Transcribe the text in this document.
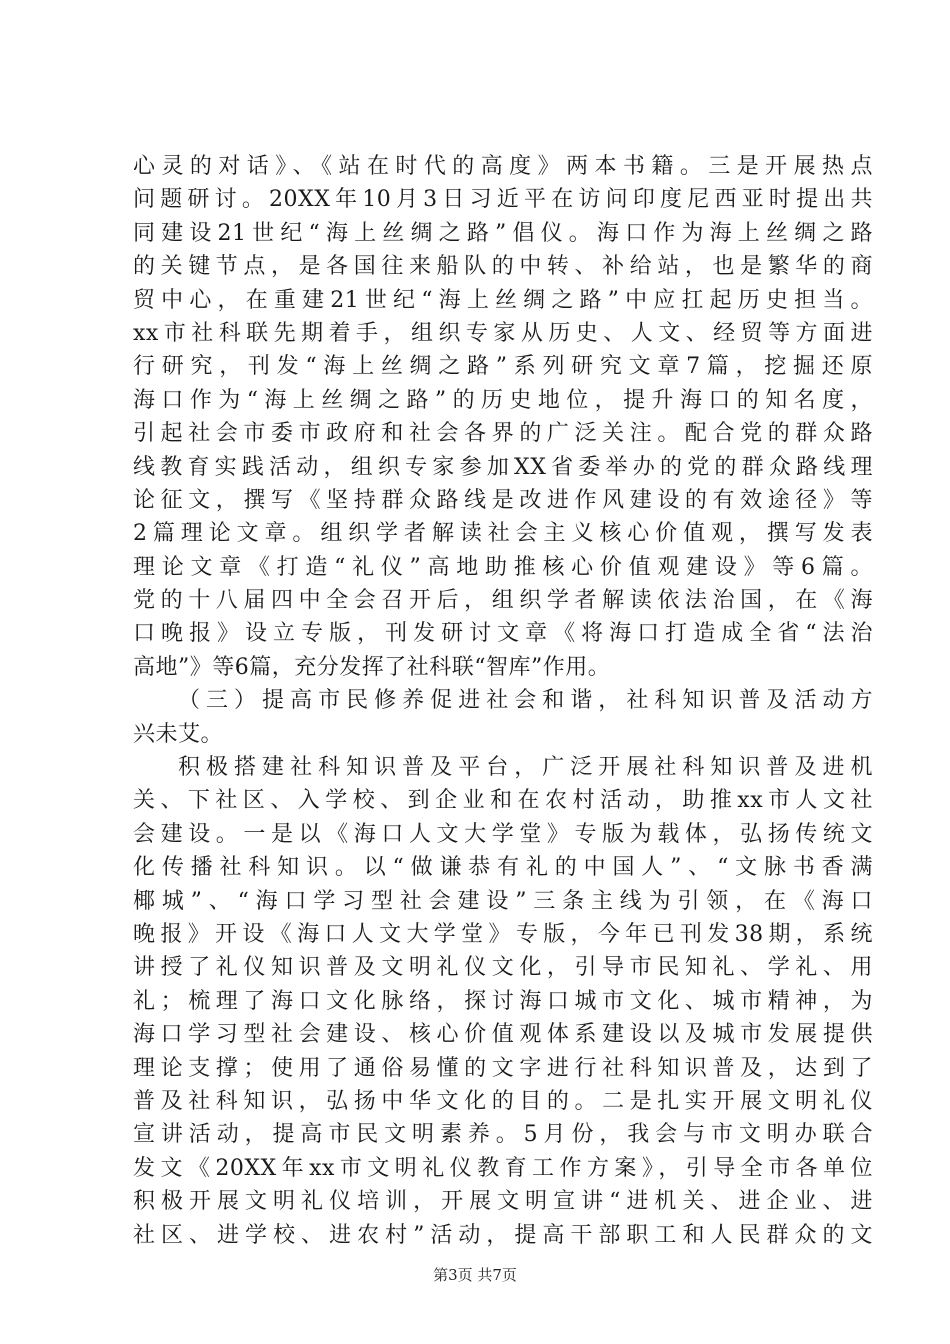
心灵的对话》、《站在时代的高度》两本书籍。三是开展热点
问题研讨。20XX年10月3日习近平在访问印度尼西亚时提出共
同建设21世纪“海上丝绸之路”倡仪。海口作为海上丝绸之路
的关键节点，是各国往来船队的中转、补给站，也是繁华的商
贸中心，在重建21世纪“海上丝绸之路”中应扛起历史担当。
xx市社科联先期着手，组织专家从历史、人文、经贸等方面进
行研究，刊发“海上丝绸之路”系列研究文章7篇，挖掘还原
海口作为“海上丝绸之路”的历史地位，提升海口的知名度，
引起社会市委市政府和社会各界的广泛关注。配合党的群众路
线教育实践活动，组织专家参加XX省委举办的党的群众路线理
论征文，撰写《坚持群众路线是改进作风建设的有效途径》等
2篇理论文章。组织学者解读社会主义核心价值观，撰写发表
理论文章《打造“礼仪”高地助推核心价值观建设》等6篇。
党的十八届四中全会召开后，组织学者解读依法治国，在《海
口晚报》设立专版，刊发研讨文章《将海口打造成全省“法治
高地”》等6篇，充分发挥了社科联“智库”作用。
（三）提高市民修养促进社会和谐，社科知识普及活动方
兴未艾。
积极搭建社科知识普及平台，广泛开展社科知识普及进机
关、下社区、入学校、到企业和在农村活动，助推xx市人文社
会建设。一是以《海口人文大学堂》专版为载体，弘扬传统文
化传播社科知识。以“做谦恭有礼的中国人”、“文脉书香满
椰城”、“海口学习型社会建设”三条主线为引领，在《海口
晚报》开设《海口人文大学堂》专版，今年已刊发38期，系统
讲授了礼仪知识普及文明礼仪文化，引导市民知礼、学礼、用
礼；梳理了海口文化脉络，探讨海口城市文化、城市精神，为
海口学习型社会建设、核心价值观体系建设以及城市发展提供
理论支撑；使用了通俗易懂的文字进行社科知识普及，达到了
普及社科知识，弘扬中华文化的目的。二是扎实开展文明礼仪
宣讲活动，提高市民文明素养。5月份，我会与市文明办联合
发文《20XX年xx市文明礼仪教育工作方案》，引导全市各单位
积极开展文明礼仪培训，开展文明宣讲“进机关、进企业、进
社区、进学校、进农村”活动，提高干部职工和人民群众的文
第3页 共7页
